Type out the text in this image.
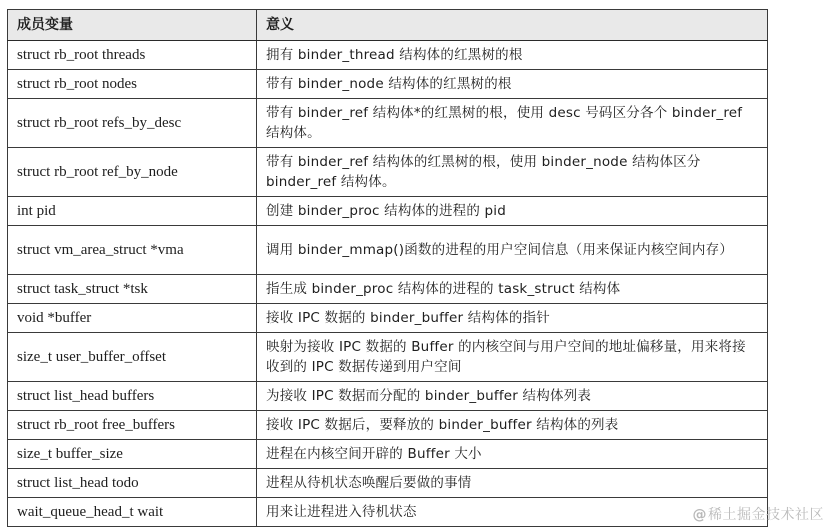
成员变量	意义
struct rb_root threads	拥有 binder_thread 结构体的红黑树的根
struct rb_root nodes	带有 binder_node 结构体的红黑树的根
struct rb_root refs_by_desc	带有 binder_ref 结构体*的红黑树的根，使用 desc 号码区分各个 binder_ref 结构体。
struct rb_root ref_by_node	带有 binder_ref 结构体的红黑树的根，使用 binder_node 结构体区分 binder_ref 结构体。
int pid	创建 binder_proc 结构体的进程的 pid
struct vm_area_struct *vma	调用 binder_mmap()函数的进程的用户空间信息（用来保证内核空间内存）
struct task_struct *tsk	指生成 binder_proc 结构体的进程的 task_struct 结构体
void *buffer	接收 IPC 数据的 binder_buffer 结构体的指针
size_t user_buffer_offset	映射为接收 IPC 数据的 Buffer 的内核空间与用户空间的地址偏移量，用来将接收到的 IPC 数据传递到用户空间
struct list_head buffers	为接收 IPC 数据而分配的 binder_buffer 结构体列表
struct rb_root free_buffers	接收 IPC 数据后，要释放的 binder_buffer 结构体的列表
size_t buffer_size	进程在内核空间开辟的 Buffer 大小
struct list_head todo	进程从待机状态唤醒后要做的事情
wait_queue_head_t wait	用来让进程进入待机状态	@稀土掘金技术社区
